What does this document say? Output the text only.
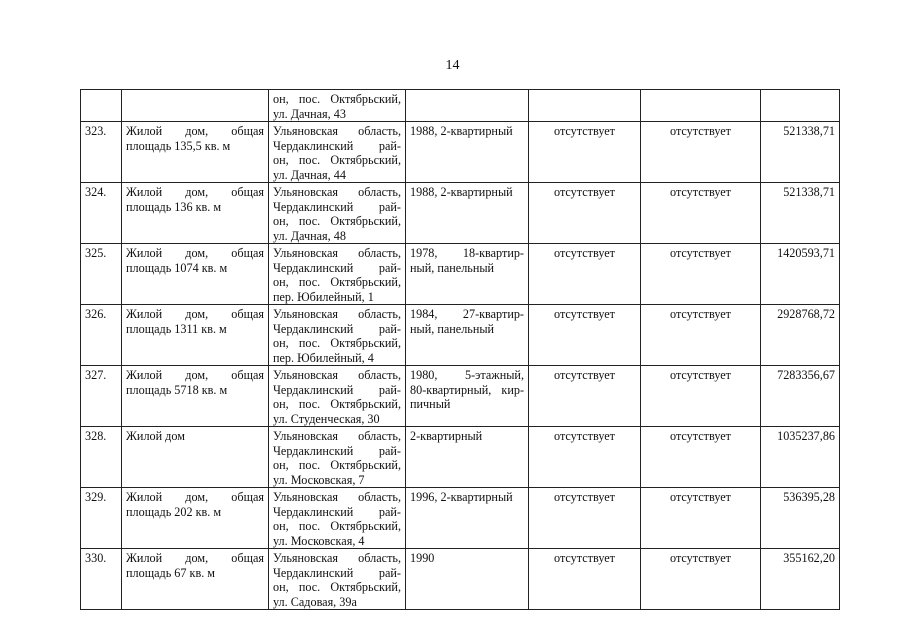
14

		он, пос. Октябрьский,
ул. Дачная, 43				

323.	Жилой дом, общая
площадь 135,5 кв. м	Ульяновская область,
Чердаклинский рай-
он, пос. Октябрьский,
ул. Дачная, 44	1988, 2-квартирный	отсутствует	отсутствует	521338,71
324.	Жилой дом, общая
площадь 136 кв. м	Ульяновская область,
Чердаклинский рай-
он, пос. Октябрьский,
ул. Дачная, 48	1988, 2-квартирный	отсутствует	отсутствует	521338,71
325.	Жилой дом, общая
площадь 1074 кв. м	Ульяновская область,
Чердаклинский рай-
он, пос. Октябрьский,
пер. Юбилейный, 1	1978, 18-квартир-
ный, панельный	отсутствует	отсутствует	1420593,71
326.	Жилой дом, общая
площадь 1311 кв. м	Ульяновская область,
Чердаклинский рай-
он, пос. Октябрьский,
пер. Юбилейный, 4	1984, 27-квартир-
ный, панельный	отсутствует	отсутствует	2928768,72
327.	Жилой дом, общая
площадь 5718 кв. м	Ульяновская область,
Чердаклинский рай-
он, пос. Октябрьский,
ул. Студенческая, 30	1980, 5-этажный,
80-квартирный, кир-
пичный	отсутствует	отсутствует	7283356,67
328.	Жилой дом	Ульяновская область,
Чердаклинский рай-
он, пос. Октябрьский,
ул. Московская, 7	2-квартирный	отсутствует	отсутствует	1035237,86
329.	Жилой дом, общая
площадь 202 кв. м	Ульяновская область,
Чердаклинский рай-
он, пос. Октябрьский,
ул. Московская, 4	1996, 2-квартирный	отсутствует	отсутствует	536395,28
330.	Жилой дом, общая
площадь 67 кв. м	Ульяновская область,
Чердаклинский рай-
он, пос. Октябрьский,
ул. Садовая, 39а	1990	отсутствует	отсутствует	355162,20
